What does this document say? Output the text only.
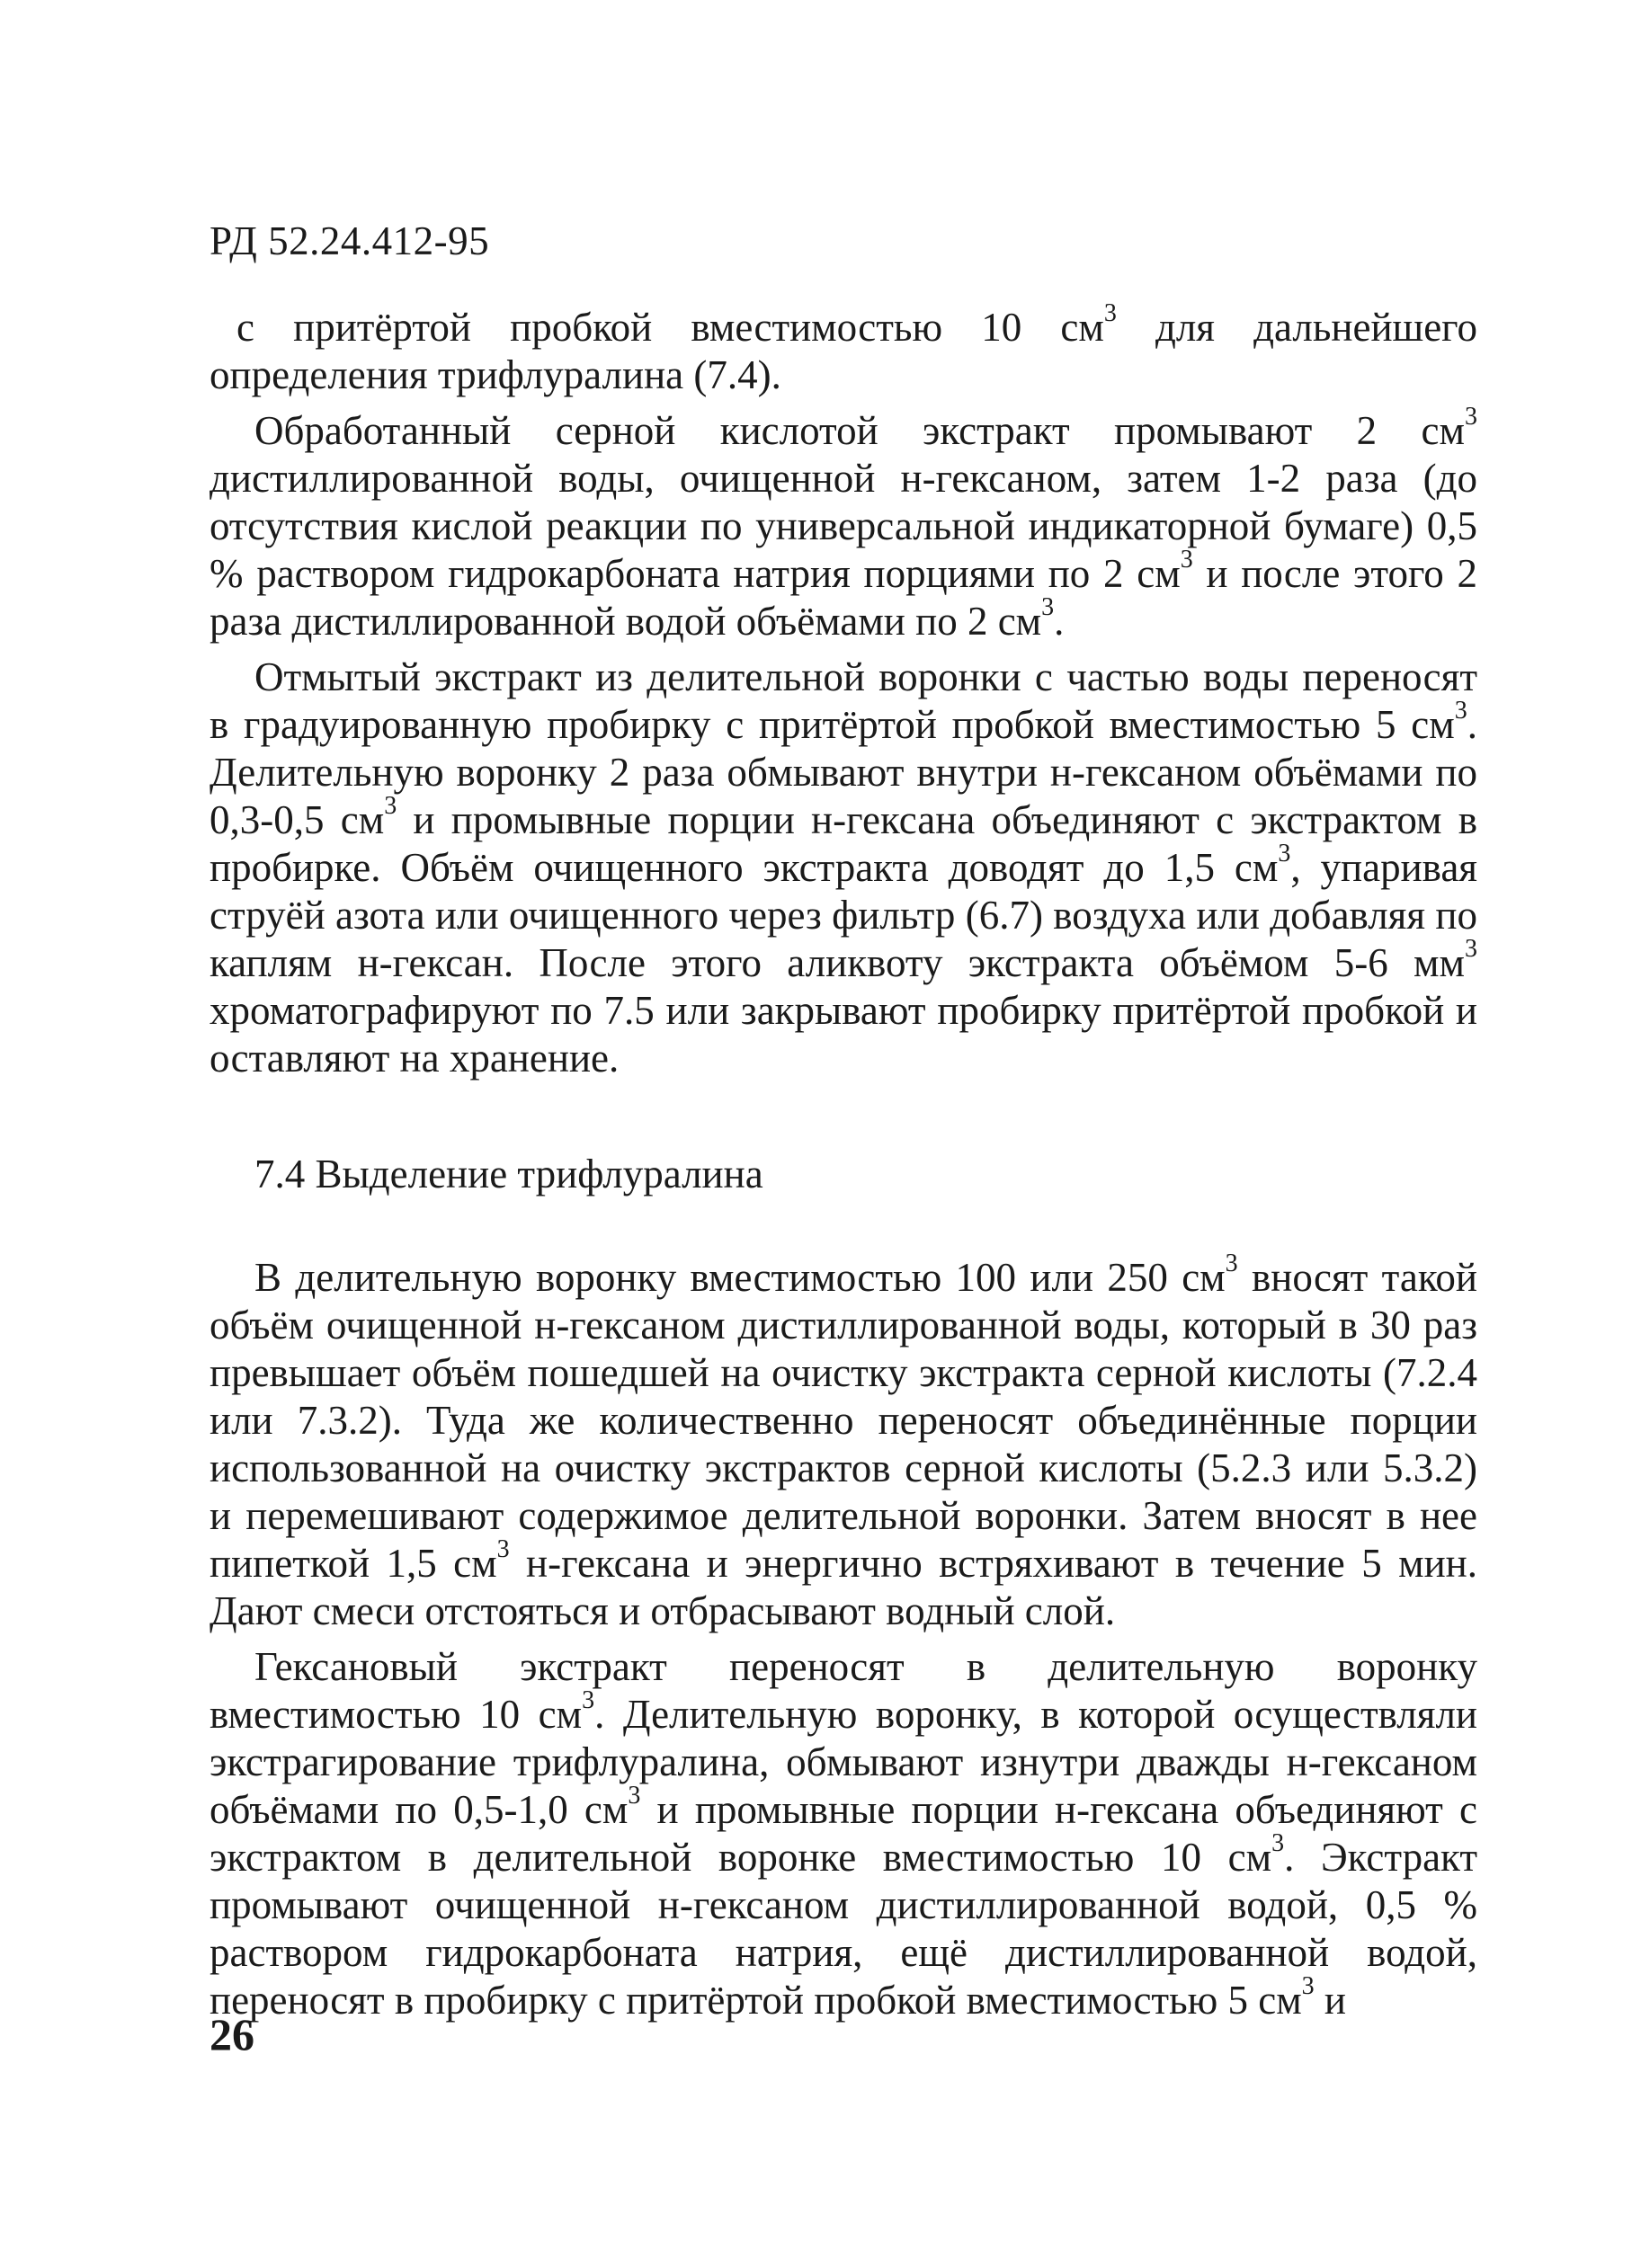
РД 52.24.412-95

с притёртой пробкой вместимостью 10 $см^3$ для дальнейшего определения трифлуралина (7.4).

Обработанный серной кислотой экстракт промывают 2 $см^3$ дистиллированной воды, очищенной н-гексаном, затем 1-2 раза (до отсутствия кислой реакции по универсальной индикаторной бумаге) 0,5 % раствором гидрокарбоната натрия порциями по 2 $см^3$ и после этого 2 раза дистиллированной водой объёмами по 2 $см^3$.

Отмытый экстракт из делительной воронки с частью воды переносят в градуированную пробирку с притёртой пробкой вместимостью 5 $см^3$. Делительную воронку 2 раза обмывают внутри н-гексаном объёмами по 0,3-0,5 $см^3$ и промывные порции н-гексана объединяют с экстрактом в пробирке. Объём очищенного экстракта доводят до 1,5 $см^3$, упаривая струёй азота или очищенного через фильтр (6.7) воздуха или добавляя по каплям н-гексан. После этого аликвоту экстракта объёмом 5-6 $мм^3$ хроматографируют по 7.5 или закрывают пробирку притёртой пробкой и оставляют на хранение.

7.4 Выделение трифлуралина

В делительную воронку вместимостью 100 или 250 $см^3$ вносят такой объём очищенной н-гексаном дистиллированной воды, который в 30 раз превышает объём пошедшей на очистку экстракта серной кислоты (7.2.4 или 7.3.2). Туда же количественно переносят объединённые порции использованной на очистку экстрактов серной кислоты (5.2.3 или 5.3.2) и перемешивают содержимое делительной воронки. Затем вносят в нее пипеткой 1,5 $см^3$ н-гексана и энергично встряхивают в течение 5 мин. Дают смеси отстояться и отбрасывают водный слой.

Гексановый экстракт переносят в делительную воронку вместимостью 10 $см^3$. Делительную воронку, в которой осуществляли экстрагирование трифлуралина, обмывают изнутри дважды н-гексаном объёмами по 0,5-1,0 $см^3$ и промывные порции н-гексана объединяют с экстрактом в делительной воронке вместимостью 10 $см^3$. Экстракт промывают очищенной н-гексаном дистиллированной водой, 0,5 % раствором гидрокарбоната натрия, ещё дистиллированной водой, переносят в пробирку с притёртой пробкой вместимостью 5 $см^3$ и

26
